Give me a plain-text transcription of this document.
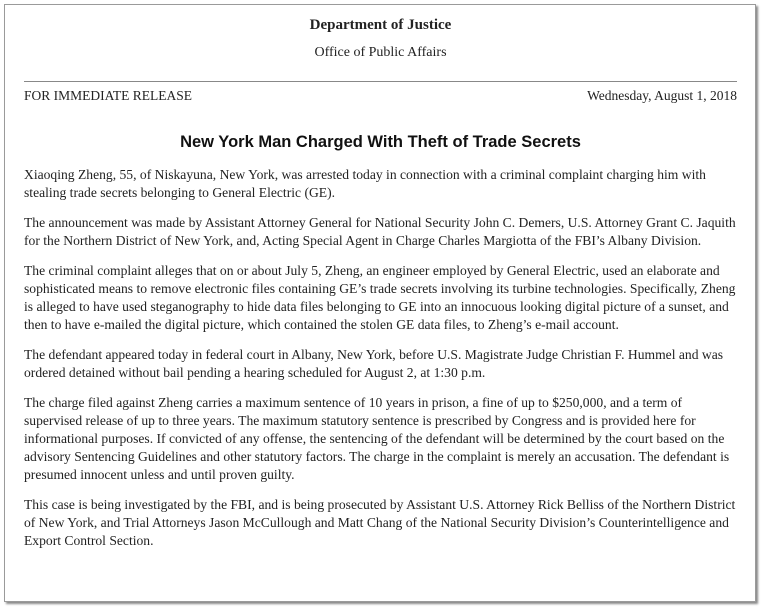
Department of Justice
Office of Public Affairs
FOR IMMEDIATE RELEASE	Wednesday, August 1, 2018
New York Man Charged With Theft of Trade Secrets

Xiaoqing Zheng, 55, of Niskayuna, New York, was arrested today in connection with a criminal complaint charging him with stealing trade secrets belonging to General Electric (GE).

The announcement was made by Assistant Attorney General for National Security John C. Demers, U.S. Attorney Grant C. Jaquith for the Northern District of New York, and, Acting Special Agent in Charge Charles Margiotta of the FBI’s Albany Division.

The criminal complaint alleges that on or about July 5, Zheng, an engineer employed by General Electric, used an elaborate and sophisticated means to remove electronic files containing GE’s trade secrets involving its turbine technologies. Specifically, Zheng is alleged to have used steganography to hide data files belonging to GE into an innocuous looking digital picture of a sunset, and then to have e-mailed the digital picture, which contained the stolen GE data files, to Zheng’s e-mail account.

The defendant appeared today in federal court in Albany, New York, before U.S. Magistrate Judge Christian F. Hummel and was ordered detained without bail pending a hearing scheduled for August 2, at 1:30 p.m.

The charge filed against Zheng carries a maximum sentence of 10 years in prison, a fine of up to $250,000, and a term of supervised release of up to three years. The maximum statutory sentence is prescribed by Congress and is provided here for informational purposes. If convicted of any offense, the sentencing of the defendant will be determined by the court based on the advisory Sentencing Guidelines and other statutory factors. The charge in the complaint is merely an accusation. The defendant is presumed innocent unless and until proven guilty.

This case is being investigated by the FBI, and is being prosecuted by Assistant U.S. Attorney Rick Belliss of the Northern District of New York, and Trial Attorneys Jason McCullough and Matt Chang of the National Security Division’s Counterintelligence and Export Control Section.
